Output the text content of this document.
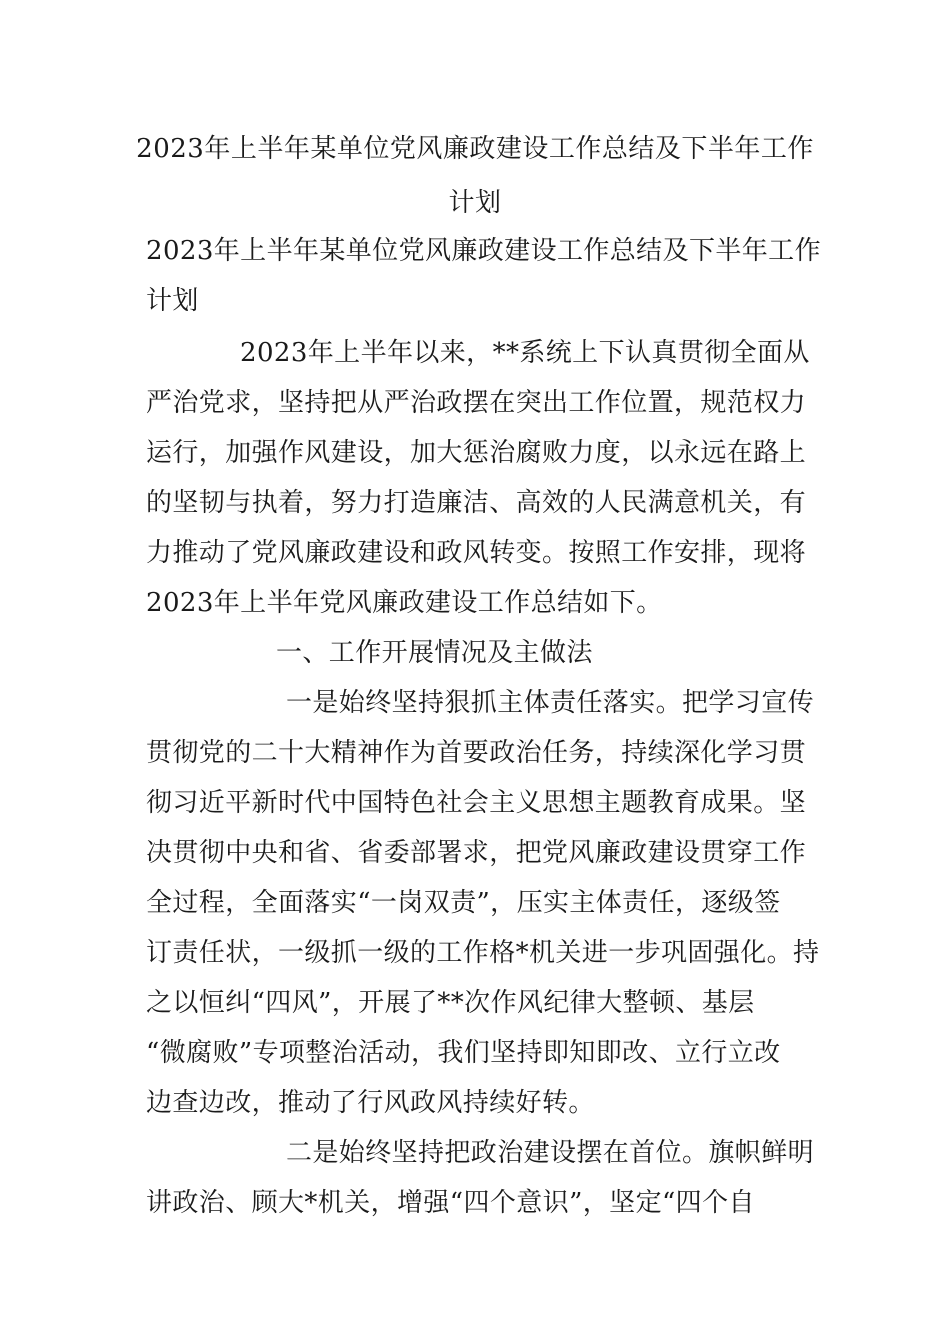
2023年上半年某单位党风廉政建设工作总结及下半年工作
计划
2023年上半年某单位党风廉政建设工作总结及下半年工作
计划
2023年上半年以来，**系统上下认真贯彻全面从
严治党求，坚持把从严治政摆在突出工作位置，规范权力
运行，加强作风建设，加大惩治腐败力度，以永远在路上
的坚韧与执着，努力打造廉洁、高效的人民满意机关，有
力推动了党风廉政建设和政风转变。按照工作安排，现将
2023年上半年党风廉政建设工作总结如下。
一、工作开展情况及主做法
一是始终坚持狠抓主体责任落实。把学习宣传
贯彻党的二十大精神作为首要政治任务，持续深化学习贯
彻习近平新时代中国特色社会主义思想主题教育成果。坚
决贯彻中央和省、省委部署求，把党风廉政建设贯穿工作
全过程，全面落实“一岗双责”，压实主体责任，逐级签
订责任状，一级抓一级的工作格*机关进一步巩固强化。持
之以恒纠“四风”，开展了**次作风纪律大整顿、基层
“微腐败”专项整治活动，我们坚持即知即改、立行立改
边查边改，推动了行风政风持续好转。
二是始终坚持把政治建设摆在首位。旗帜鲜明
讲政治、顾大*机关，增强“四个意识”，坚定“四个自
